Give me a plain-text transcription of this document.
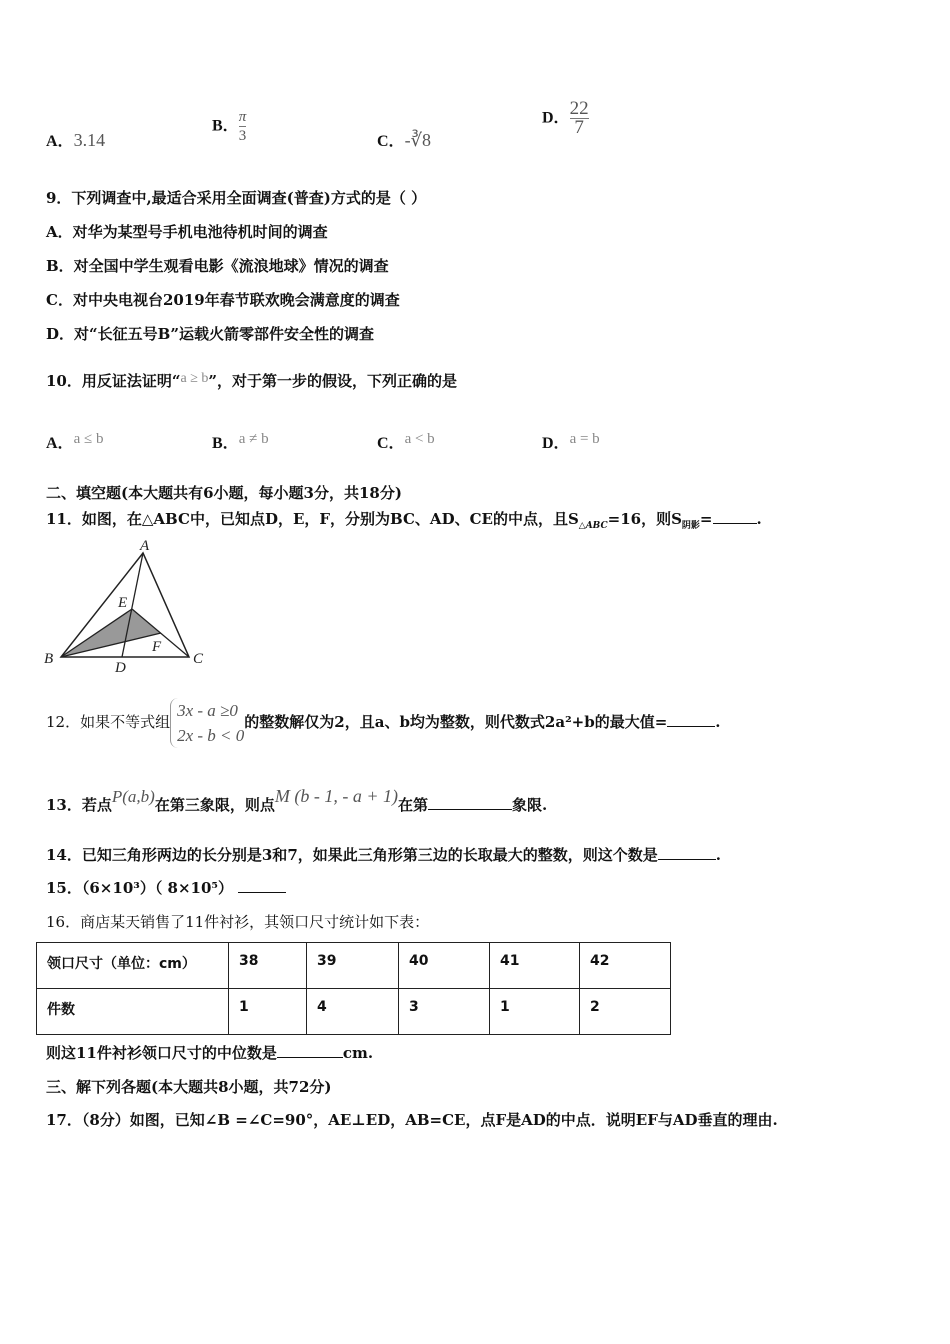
A．3.14
B． $\frac{\pi}{3}$	C．-∛8
D． $\frac{22}{7}$
9．下列调查中,最适合采用全面调查(普查)方式的是（ ）
A．对华为某型号手机电池待机时间的调查
B．对全国中学生观看电影《流浪地球》情况的调查
C．对中央电视台2019年春节联欢晚会满意度的调查
D．对“长征五号B”运载火箭零部件安全性的调查
10．用反证法证明“a ≥ b”，对于第一步的假设，下列正确的是
A．a ≤ b	B．a ≠ b	C．a < b	D．a = b
二、填空题(本大题共有6小题，每小题3分，共18分)
11．如图，在△ABC中，已知点D，E，F，分别为BC、AD、CE的中点，且$S_{\triangle ABC}=16$，则$S_{阴影}=$	.
A
B	C
D
E
F
12．如果不等式组
3x - a ≥0
2x - b < 0
的整数解仅为2，且a、b均为整数，则代数式2a²+b的最大值=	.
13．若点P(a,b)在第三象限，则点M (b - 1, - a + 1)在第	象限.
14．已知三角形两边的长分别是3和7，如果此三角形第三边的长取最大的整数，则这个数是	.
15．（6×10³）（ 8×10⁵）
16．商店某天销售了11件衬衫，其领口尺寸统计如下表：
领口尺寸（单位：cm）	38	39	40	41	42
件数	1	4	3	1	2
则这11件衬衫领口尺寸的中位数是	cm.
三、解下列各题(本大题共8小题，共72分)
17．（8分）如图，已知∠B =∠C=90°，AE⊥ED，AB=CE，点F是AD的中点．说明EF与AD垂直的理由.
